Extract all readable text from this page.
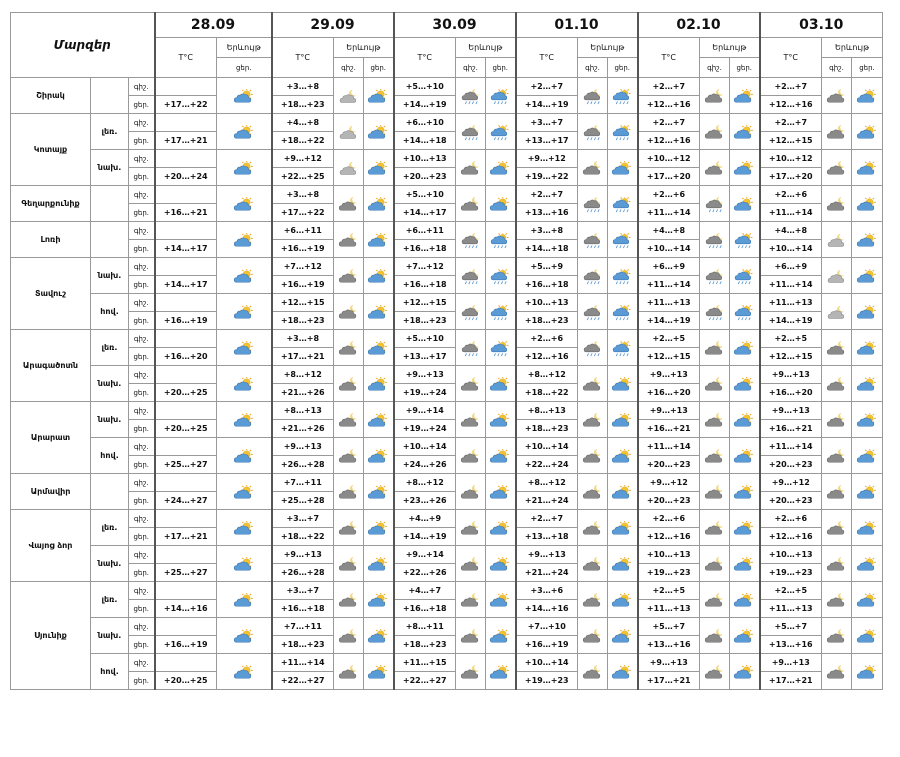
Մարզեր			28.09		29.09			30.09			01.10			02.10			03.10		
			T°C	Երևույթ	T°C	Երևույթ		T°C	Երևույթ		T°C	Երևույթ		T°C	Երևույթ		T°C	Երևույթ	
				ցեր.		գիշ.	ցեր.		գիշ.	ցեր.		գիշ.	ցեր.		գիշ.	ցեր.		գիշ.	ցեր.
Շիրակ		գիշ.			+3…+8			+5…+10			+2…+7			+2…+7			+2…+7		
		ցեր.	+17…+22		+18…+23			+14…+19			+14…+19			+12…+16			+12…+16		
Կոտայք	լեռ.	գիշ.			+4…+8			+6…+10			+3…+7			+2…+7			+2…+7		
		ցեր.	+17…+21		+18…+22			+14…+18			+13…+17			+12…+16			+12…+15		
	նախ.	գիշ.			+9…+12			+10…+13			+9…+12			+10…+12			+10…+12		
		ցեր.	+20…+24		+22…+25			+20…+23			+19…+22			+17…+20			+17…+20		
Գեղարքունիք		գիշ.			+3…+8			+5…+10			+2…+7			+2…+6			+2…+6		
		ցեր.	+16…+21		+17…+22			+14…+17			+13…+16			+11…+14			+11…+14		
Լոռի		գիշ.			+6…+11			+6…+11			+3…+8			+4…+8			+4…+8		
		ցեր.	+14…+17		+16…+19			+16…+18			+14…+18			+10…+14			+10…+14		
Տավուշ	նախ.	գիշ.			+7…+12			+7…+12			+5…+9			+6…+9			+6…+9		
		ցեր.	+14…+17		+16…+19			+16…+18			+16…+18			+11…+14			+11…+14		
	հով.	գիշ.			+12…+15			+12…+15			+10…+13			+11…+13			+11…+13		
		ցեր.	+16…+19		+18…+23			+18…+23			+18…+23			+14…+19			+14…+19		
Արագածոտն	լեռ.	գիշ.			+3…+8			+5…+10			+2…+6			+2…+5			+2…+5		
		ցեր.	+16…+20		+17…+21			+13…+17			+12…+16			+12…+15			+12…+15		
	նախ.	գիշ.			+8…+12			+9…+13			+8…+12			+9…+13			+9…+13		
		ցեր.	+20…+25		+21…+26			+19…+24			+18…+22			+16…+20			+16…+20		
Արարատ	նախ.	գիշ.			+8…+13			+9…+14			+8…+13			+9…+13			+9…+13		
		ցեր.	+20…+25		+21…+26			+19…+24			+18…+23			+16…+21			+16…+21		
	հով.	գիշ.			+9…+13			+10…+14			+10…+14			+11…+14			+11…+14		
		ցեր.	+25…+27		+26…+28			+24…+26			+22…+24			+20…+23			+20…+23		
Արմավիր		գիշ.			+7…+11			+8…+12			+8…+12			+9…+12			+9…+12		
		ցեր.	+24…+27		+25…+28			+23…+26			+21…+24			+20…+23			+20…+23		
Վայոց ձոր	լեռ.	գիշ.			+3…+7			+4…+9			+2…+7			+2…+6			+2…+6		
		ցեր.	+17…+21		+18…+22			+14…+19			+13…+18			+12…+16			+12…+16		
	նախ.	գիշ.			+9…+13			+9…+14			+9…+13			+10…+13			+10…+13		
		ցեր.	+25…+27		+26…+28			+22…+26			+21…+24			+19…+23			+19…+23		
Սյունիք	լեռ.	գիշ.			+3…+7			+4…+7			+3…+6			+2…+5			+2…+5		
		ցեր.	+14…+16		+16…+18			+16…+18			+14…+16			+11…+13			+11…+13		
	նախ.	գիշ.			+7…+11			+8…+11			+7…+10			+5…+7			+5…+7		
		ցեր.	+16…+19		+18…+23			+18…+23			+16…+19			+13…+16			+13…+16		
	հով.	գիշ.			+11…+14			+11…+15			+10…+14			+9…+13			+9…+13		
		ցեր.	+20…+25		+22…+27			+22…+27			+19…+23			+17…+21			+17…+21		
